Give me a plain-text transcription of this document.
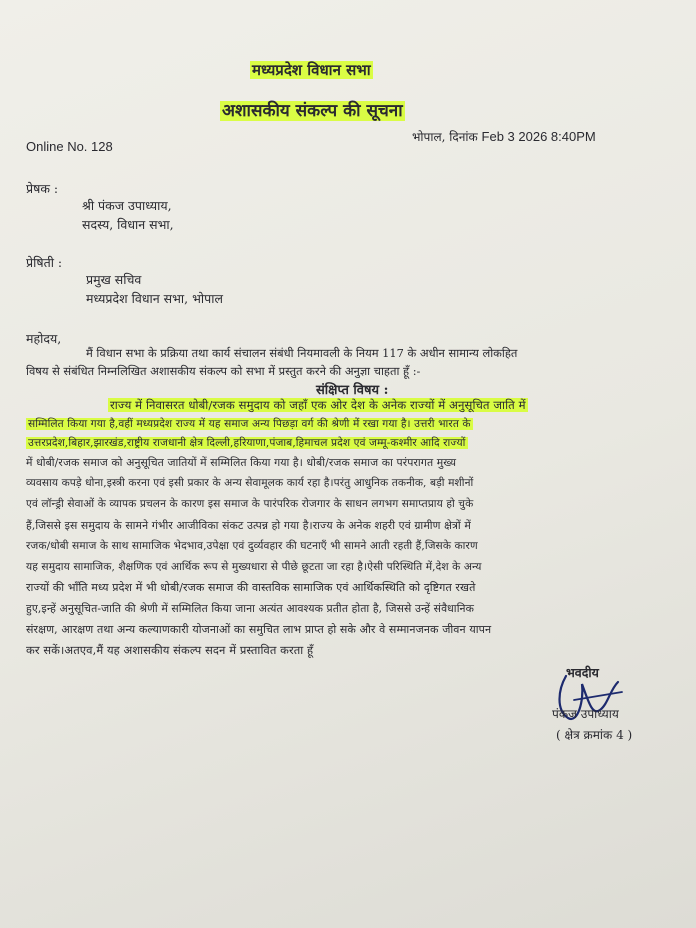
मध्यप्रदेश विधान सभा
अशासकीय संकल्प की सूचना
Online No. 128
भोपाल, दिनांक Feb 3 2026 8:40PM
प्रेषक :
श्री पंकज उपाध्याय,
सदस्य, विधान सभा,
प्रेषिती :
प्रमुख सचिव
मध्यप्रदेश विधान सभा, भोपाल
महोदय,
मैं विधान सभा के प्रक्रिया तथा कार्य संचालन संबंधी नियमावली के नियम 117 के अधीन सामान्य लोकहित
विषय से संबंधित निम्नलिखित अशासकीय संकल्प को सभा में प्रस्तुत करने की अनुज्ञा चाहता हूँ :-
संक्षिप्त विषय :
राज्य में निवासरत धोबी/रजक समुदाय को जहाँ एक ओर देश के अनेक राज्यों में अनुसूचित जाति में
सम्मिलित किया गया है,वहीं मध्यप्रदेश राज्य में यह समाज अन्य पिछड़ा वर्ग की श्रेणी में रखा गया है। उत्तरी भारत के
उत्तरप्रदेश,बिहार,झारखंड,राष्ट्रीय राजधानी क्षेत्र दिल्ली,हरियाणा,पंजाब,हिमाचल प्रदेश एवं जम्मू-कश्मीर आदि राज्यों
में धोबी/रजक समाज को अनुसूचित जातियों में सम्मिलित किया गया है। धोबी/रजक समाज का परंपरागत मुख्य
व्यवसाय कपड़े धोना,इस्त्री करना एवं इसी प्रकार के अन्य सेवामूलक कार्य रहा है।परंतु आधुनिक तकनीक, बड़ी मशीनों
एवं लॉन्ड्री सेवाओं के व्यापक प्रचलन के कारण इस समाज के पारंपरिक रोजगार के साधन लगभग समाप्तप्राय हो चुके
हैं,जिससे इस समुदाय के सामने गंभीर आजीविका संकट उत्पन्न हो गया है।राज्य के अनेक शहरी एवं ग्रामीण क्षेत्रों में
रजक/धोबी समाज के साथ सामाजिक भेदभाव,उपेक्षा एवं दुर्व्यवहार की घटनाएँ भी सामने आती रहती हैं,जिसके कारण
यह समुदाय सामाजिक, शैक्षणिक एवं आर्थिक रूप से मुख्यधारा से पीछे छूटता जा रहा है।ऐसी परिस्थिति में,देश के अन्य
राज्यों की भाँति मध्य प्रदेश में भी धोबी/रजक समाज की वास्तविक सामाजिक एवं आर्थिकस्थिति को दृष्टिगत रखते
हुए,इन्हें अनुसूचित-जाति की श्रेणी में सम्मिलित किया जाना अत्यंत आवश्यक प्रतीत होता है, जिससे उन्हें संवैधानिक
संरक्षण, आरक्षण तथा अन्य कल्याणकारी योजनाओं का समुचित लाभ प्राप्त हो सके और वे सम्मानजनक जीवन यापन
कर सकें।अतएव,मैं यह अशासकीय संकल्प सदन में प्रस्तावित करता हूँ
भवदीय
पंकज उपाध्याय
( क्षेत्र क्रमांक 4 )
